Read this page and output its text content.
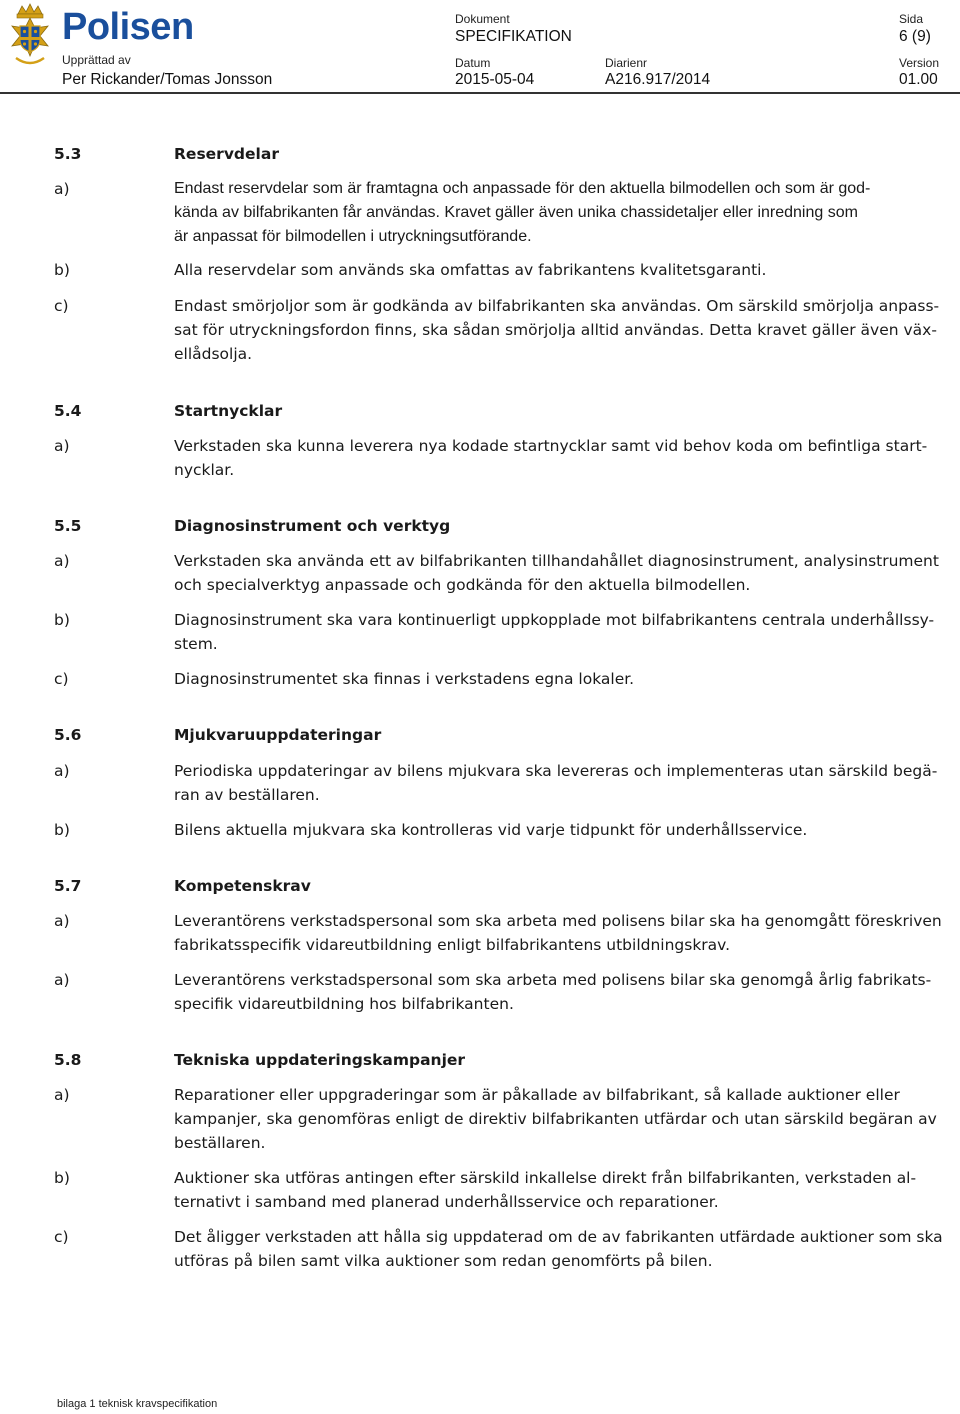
Polisen
Upprättad av
Per Rickander/Tomas Jonsson
Dokument
SPECIFIKATION
Sida
6 (9)
Datum
2015-05-04
Diarienr
A216.917/2014
Version
01.00
5.3	Reservdelar
a)	Endast reservdelar som är framtagna och anpassade för den aktuella bilmodellen och som är god-
kända av bilfabrikanten får användas. Kravet gäller även unika chassidetaljer eller inredning som
är anpassat för bilmodellen i utryckningsutförande.
b)	Alla reservdelar som används ska omfattas av fabrikantens kvalitetsgaranti.
c)	Endast smörjoljor som är godkända av bilfabrikanten ska användas. Om särskild smörjolja anpass-
sat för utryckningsfordon finns, ska sådan smörjolja alltid användas. Detta kravet gäller även väx-
ellådsolja.
5.4	Startnycklar
a)	Verkstaden ska kunna leverera nya kodade startnycklar samt vid behov koda om befintliga start-
nycklar.
5.5	Diagnosinstrument och verktyg
a)	Verkstaden ska använda ett av bilfabrikanten tillhandahållet diagnosinstrument, analysinstrument
och specialverktyg anpassade och godkända för den aktuella bilmodellen.
b)	Diagnosinstrument ska vara kontinuerligt uppkopplade mot bilfabrikantens centrala underhållssy-
stem.
c)	Diagnosinstrumentet ska finnas i verkstadens egna lokaler.
5.6	Mjukvaruuppdateringar
a)	Periodiska uppdateringar av bilens mjukvara ska levereras och implementeras utan särskild begä-
ran av beställaren.
b)	Bilens aktuella mjukvara ska kontrolleras vid varje tidpunkt för underhållsservice.
5.7	Kompetenskrav
a)	Leverantörens verkstadspersonal som ska arbeta med polisens bilar ska ha genomgått föreskriven
fabrikatsspecifik vidareutbildning enligt bilfabrikantens utbildningskrav.
a)	Leverantörens verkstadspersonal som ska arbeta med polisens bilar ska genomgå årlig fabrikats-
specifik vidareutbildning hos bilfabrikanten.
5.8	Tekniska uppdateringskampanjer
a)	Reparationer eller uppgraderingar som är påkallade av bilfabrikant, så kallade auktioner eller
kampanjer, ska genomföras enligt de direktiv bilfabrikanten utfärdar och utan särskild begäran av
beställaren.
b)	Auktioner ska utföras antingen efter särskild inkallelse direkt från bilfabrikanten, verkstaden al-
ternativt i samband med planerad underhållsservice och reparationer.
c)	Det åligger verkstaden att hålla sig uppdaterad om de av fabrikanten utfärdade auktioner som ska
utföras på bilen samt vilka auktioner som redan genomförts på bilen.
bilaga 1 teknisk kravspecifikation
